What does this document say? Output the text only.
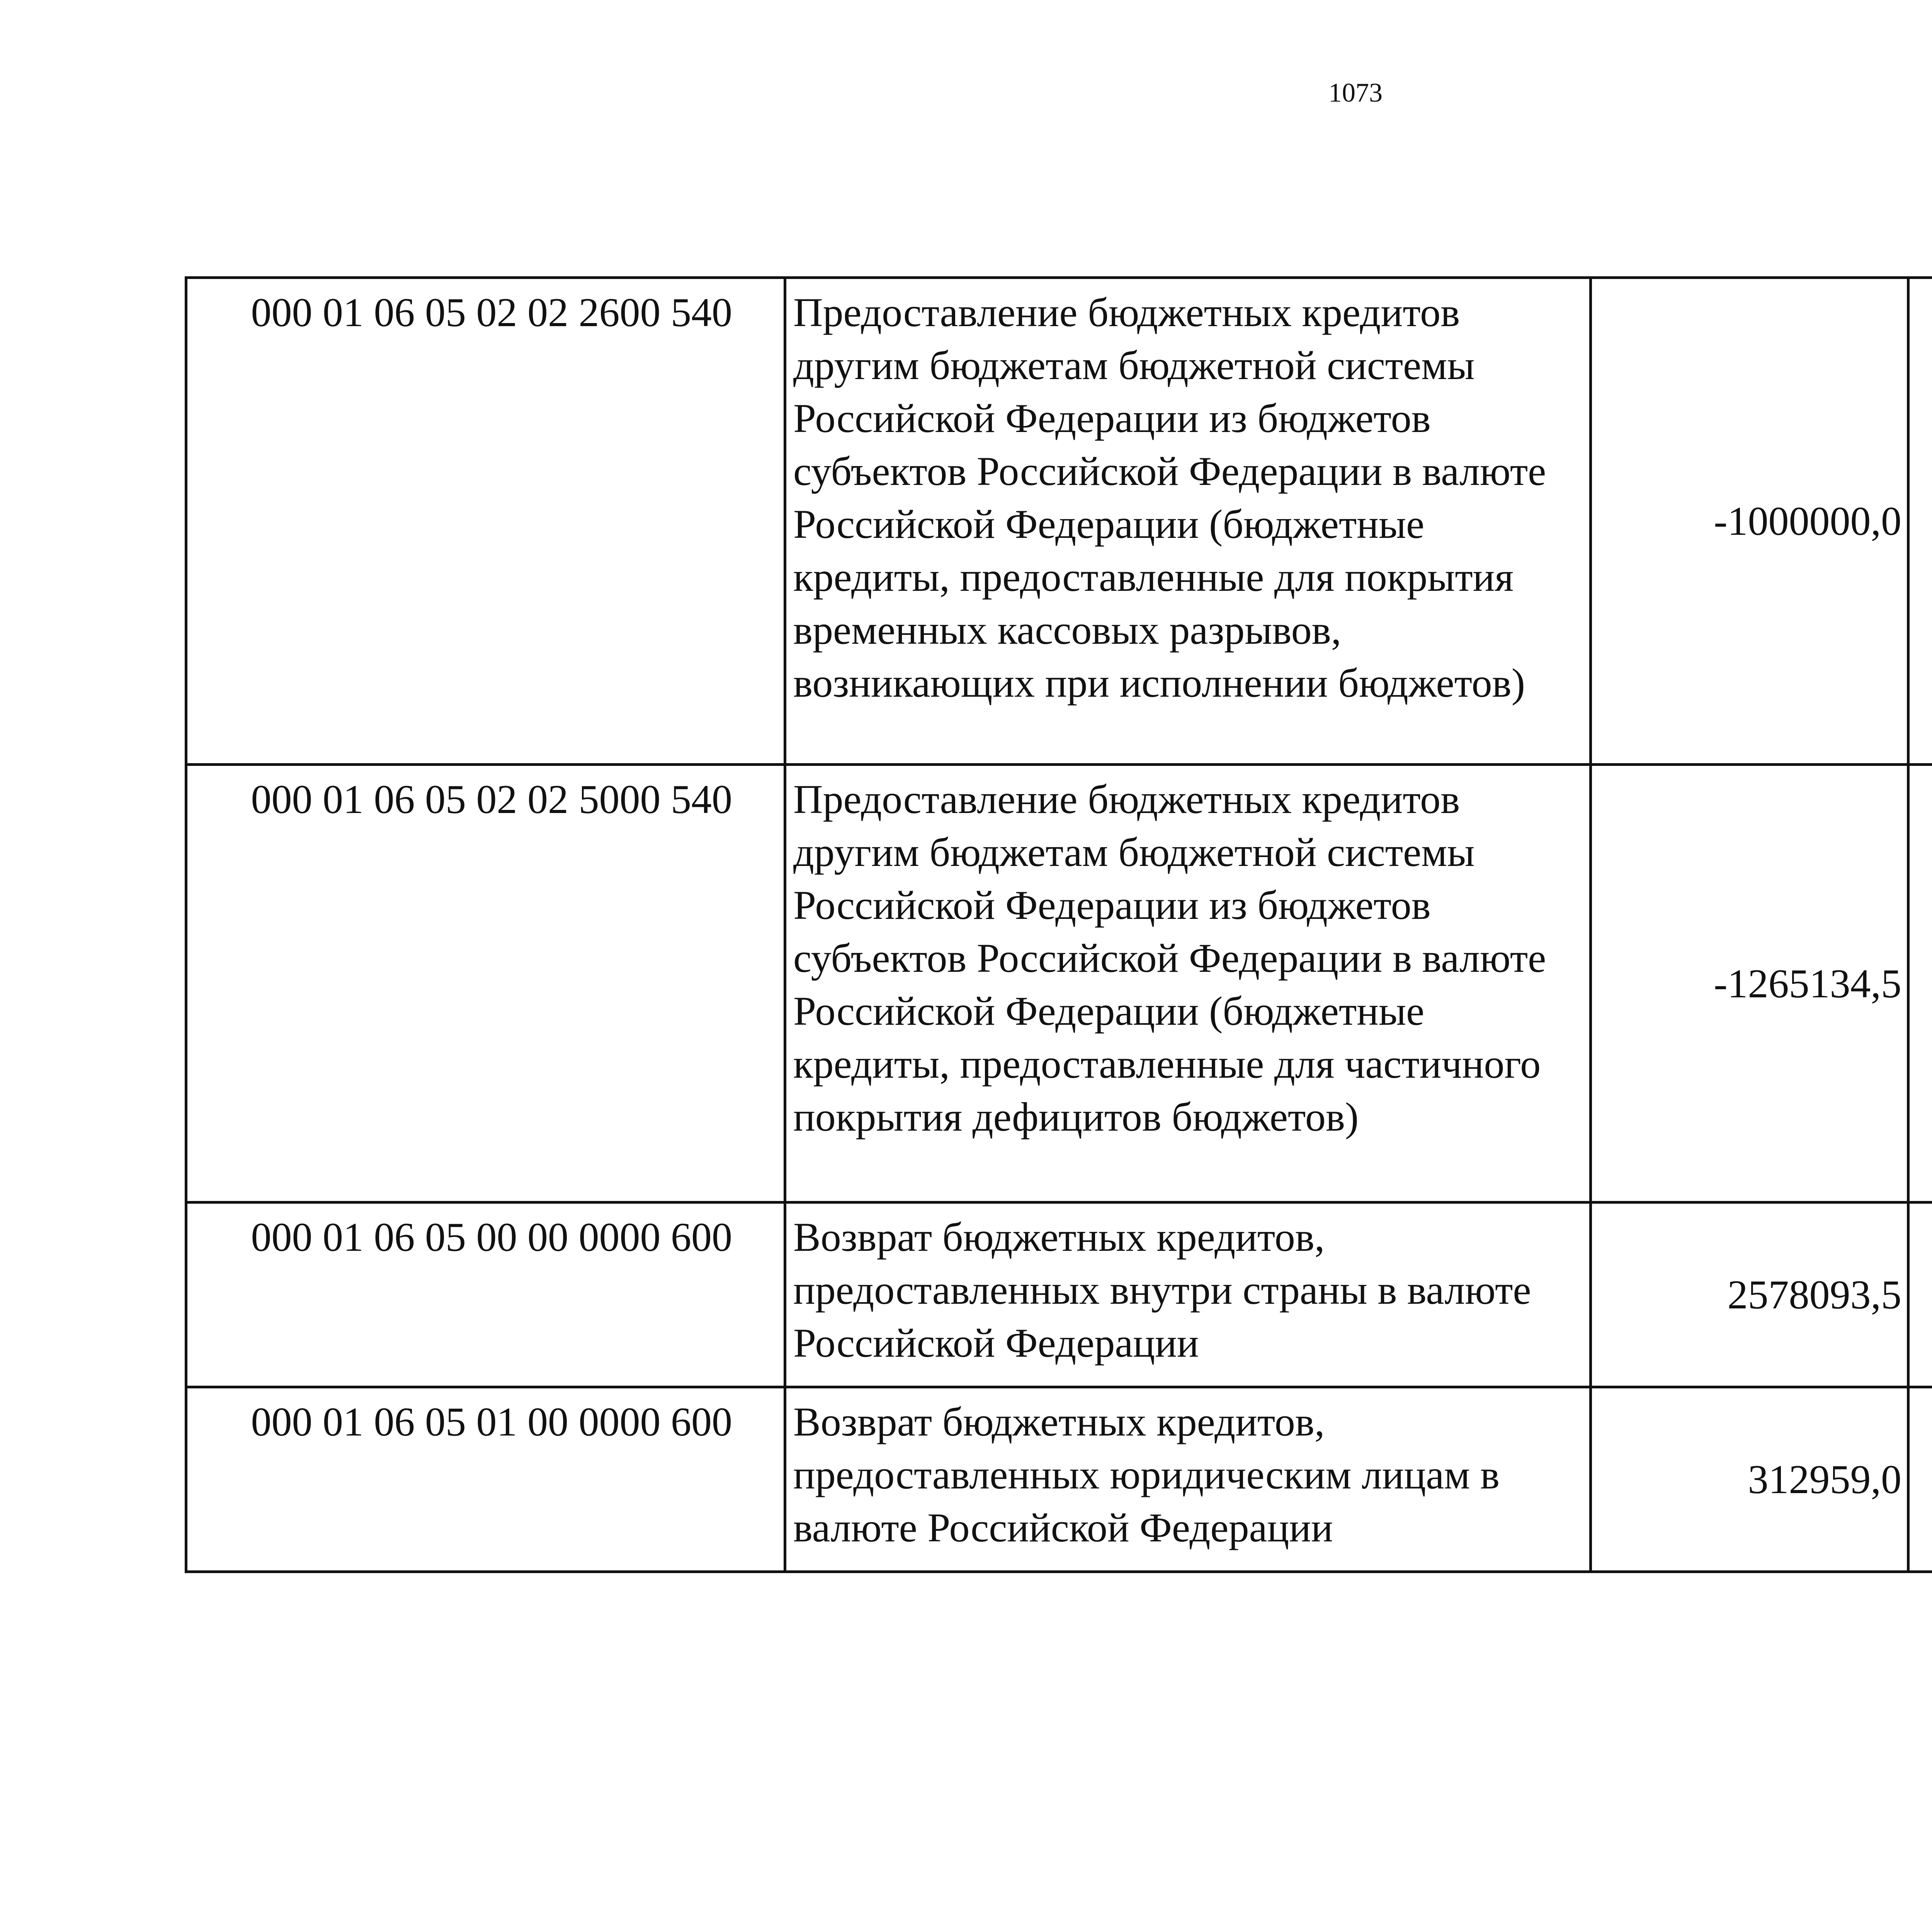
1073
000 01 06 05 02 02 2600 540	Предоставление бюджетных кредитов другим бюджетам бюджетной системы Российской Федерации из бюджетов субъектов Российской Федерации в валюте Российской Федерации (бюджетные кредиты, предоставленные для покрытия временных кассовых разрывов, возникающих при исполнении бюджетов)	-1000000,0		
000 01 06 05 02 02 5000 540	Предоставление бюджетных кредитов другим бюджетам бюджетной системы Российской Федерации из бюджетов субъектов Российской Федерации в валюте Российской Федерации (бюджетные кредиты, предоставленные для частичного покрытия дефицитов бюджетов)	-1265134,5		
000 01 06 05 00 00 0000 600	Возврат бюджетных кредитов, предоставленных внутри страны в валюте Российской Федерации	2578093,5		
000 01 06 05 01 00 0000 600	Возврат бюджетных кредитов, предоставленных юридическим лицам в валюте Российской Федерации	312959,0		
